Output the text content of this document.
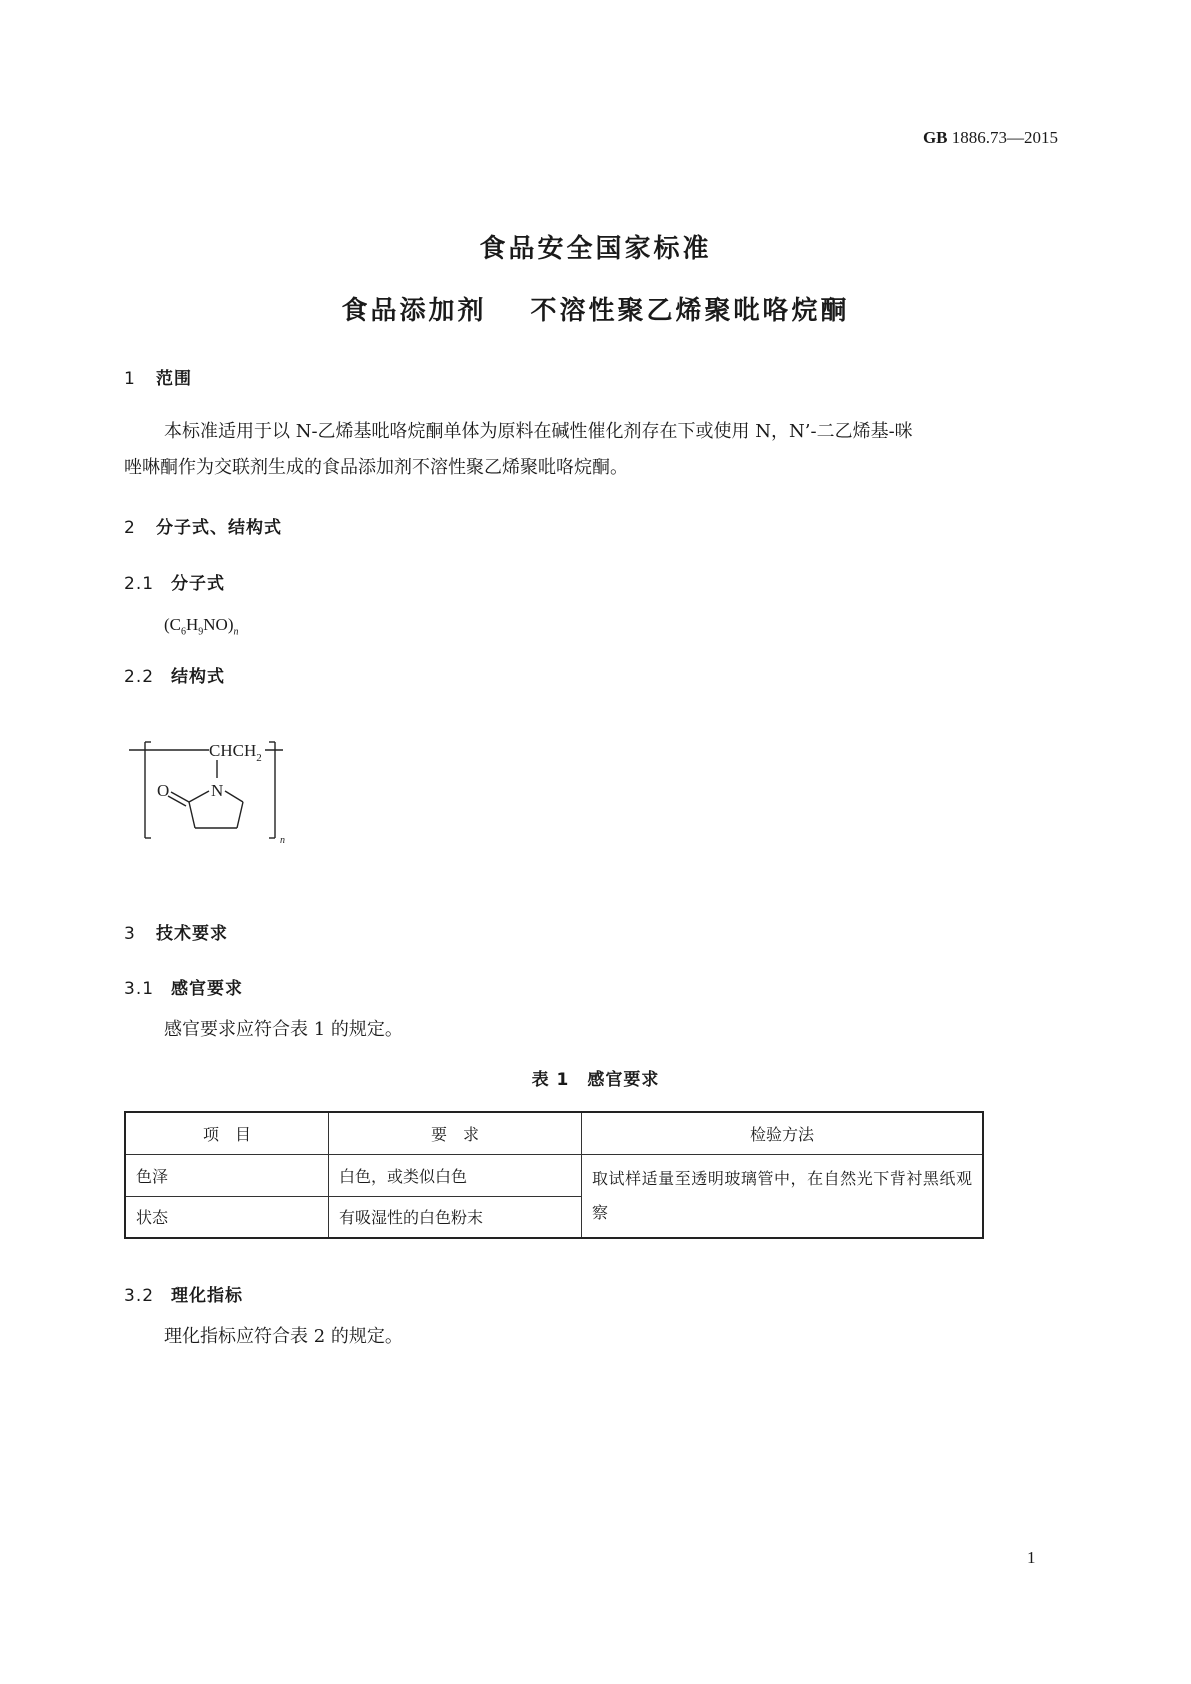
GB 1886.73—2015
食品安全国家标准
食品添加剂 不溶性聚乙烯聚吡咯烷酮
1 范围
本标准适用于以 N-乙烯基吡咯烷酮单体为原料在碱性催化剂存在下或使用 N，N’-二乙烯基-咪
唑啉酮作为交联剂生成的食品添加剂不溶性聚乙烯聚吡咯烷酮。
2 分子式、结构式
2.1 分子式
$(C_6H_9NO)_n$
2.2 结构式
$CHCH_2$
N
O
n
3 技术要求
3.1 感官要求
感官要求应符合表 1 的规定。
表 1　感官要求
项　目	要　求	检验方法
色泽	白色，或类似白色	取试样适量至透明玻璃管中，在自然光下背衬黑纸观察
状态	有吸湿性的白色粉末	
3.2 理化指标
理化指标应符合表 2 的规定。
1
